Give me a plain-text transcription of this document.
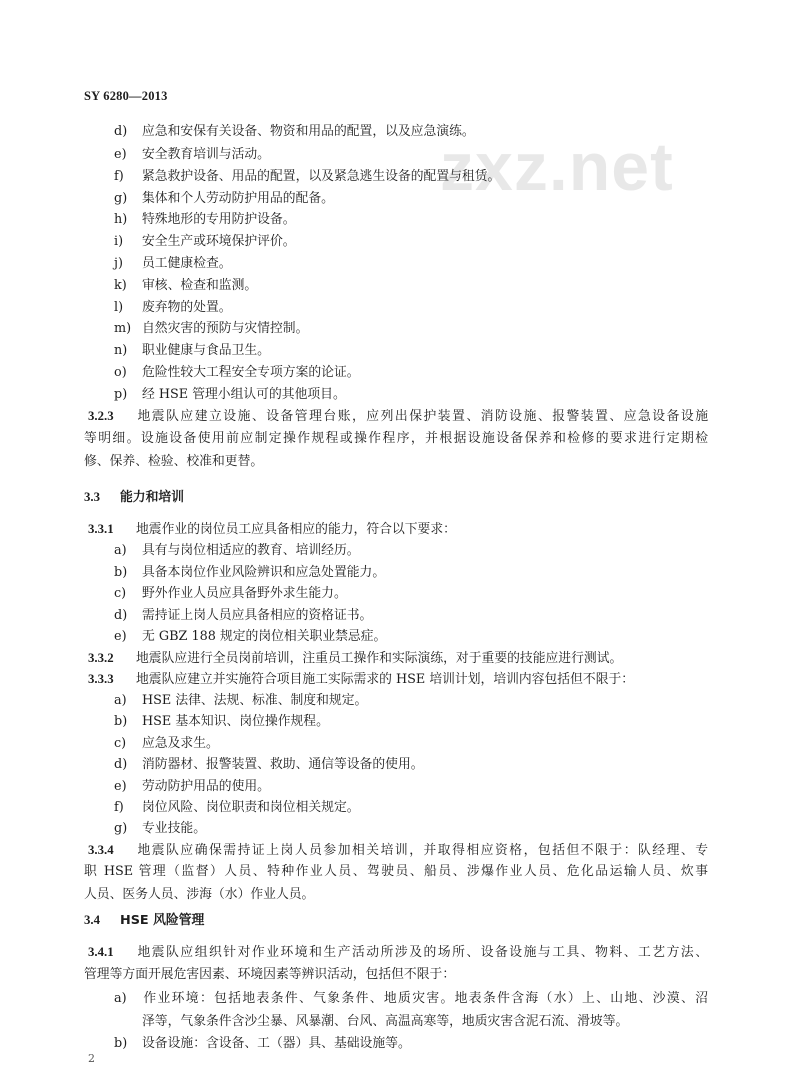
SY 6280—2013
zxz.net
d) 应急和安保有关设备、物资和用品的配置，以及应急演练。
e) 安全教育培训与活动。
f) 紧急救护设备、用品的配置，以及紧急逃生设备的配置与租赁。
g) 集体和个人劳动防护用品的配备。
h) 特殊地形的专用防护设备。
i) 安全生产或环境保护评价。
j) 员工健康检查。
k) 审核、检查和监测。
l) 废弃物的处置。
m) 自然灾害的预防与灾情控制。
n) 职业健康与食品卫生。
o) 危险性较大工程安全专项方案的论证。
p) 经 HSE 管理小组认可的其他项目。
3.2.3 地震队应建立设施、设备管理台账，应列出保护装置、消防设施、报警装置、应急设备设施
等明细。设施设备使用前应制定操作规程或操作程序，并根据设施设备保养和检修的要求进行定期检
修、保养、检验、校准和更替。
3.3 能力和培训
3.3.1 地震作业的岗位员工应具备相应的能力，符合以下要求：
a) 具有与岗位相适应的教育、培训经历。
b) 具备本岗位作业风险辨识和应急处置能力。
c) 野外作业人员应具备野外求生能力。
d) 需持证上岗人员应具备相应的资格证书。
e) 无 GBZ 188 规定的岗位相关职业禁忌症。
3.3.2 地震队应进行全员岗前培训，注重员工操作和实际演练，对于重要的技能应进行测试。
3.3.3 地震队应建立并实施符合项目施工实际需求的 HSE 培训计划，培训内容包括但不限于：
a) HSE 法律、法规、标准、制度和规定。
b) HSE 基本知识、岗位操作规程。
c) 应急及求生。
d) 消防器材、报警装置、救助、通信等设备的使用。
e) 劳动防护用品的使用。
f) 岗位风险、岗位职责和岗位相关规定。
g) 专业技能。
3.3.4 地震队应确保需持证上岗人员参加相关培训，并取得相应资格，包括但不限于：队经理、专
职 HSE 管理（监督）人员、特种作业人员、驾驶员、船员、涉爆作业人员、危化品运输人员、炊事
人员、医务人员、涉海（水）作业人员。
3.4 HSE 风险管理
3.4.1 地震队应组织针对作业环境和生产活动所涉及的场所、设备设施与工具、物料、工艺方法、
管理等方面开展危害因素、环境因素等辨识活动，包括但不限于：
a) 作业环境：包括地表条件、气象条件、地质灾害。地表条件含海（水）上、山地、沙漠、沼
泽等，气象条件含沙尘暴、风暴潮、台风、高温高寒等，地质灾害含泥石流、滑坡等。
b) 设备设施：含设备、工（器）具、基础设施等。
2
